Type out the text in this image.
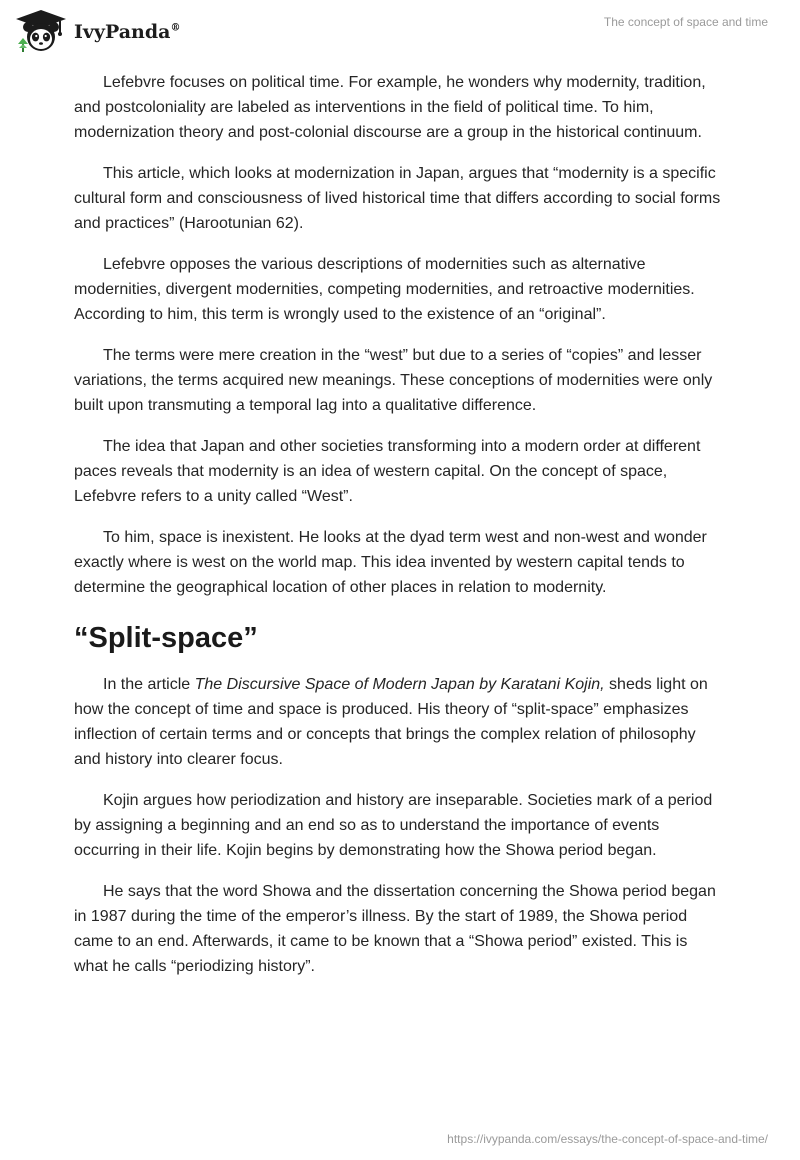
IvyPanda®	The concept of space and time

Lefebvre focuses on political time. For example, he wonders why modernity, tradition, and postcoloniality are labeled as interventions in the field of political time. To him, modernization theory and post-colonial discourse are a group in the historical continuum.

This article, which looks at modernization in Japan, argues that “modernity is a specific cultural form and consciousness of lived historical time that differs according to social forms and practices” (Harootunian 62).

Lefebvre opposes the various descriptions of modernities such as alternative modernities, divergent modernities, competing modernities, and retroactive modernities. According to him, this term is wrongly used to the existence of an “original”.

The terms were mere creation in the “west” but due to a series of “copies” and lesser variations, the terms acquired new meanings. These conceptions of modernities were only built upon transmuting a temporal lag into a qualitative difference.

The idea that Japan and other societies transforming into a modern order at different paces reveals that modernity is an idea of western capital. On the concept of space, Lefebvre refers to a unity called “West”.

To him, space is inexistent. He looks at the dyad term west and non-west and wonder exactly where is west on the world map. This idea invented by western capital tends to determine the geographical location of other places in relation to modernity.

“Split-space”

In the article The Discursive Space of Modern Japan by Karatani Kojin, sheds light on how the concept of time and space is produced. His theory of “split-space” emphasizes inflection of certain terms and or concepts that brings the complex relation of philosophy and history into clearer focus.

Kojin argues how periodization and history are inseparable. Societies mark of a period by assigning a beginning and an end so as to understand the importance of events occurring in their life. Kojin begins by demonstrating how the Showa period began.

He says that the word Showa and the dissertation concerning the Showa period began in 1987 during the time of the emperor’s illness. By the start of 1989, the Showa period came to an end. Afterwards, it came to be known that a “Showa period” existed. This is what he calls “periodizing history”.

https://ivypanda.com/essays/the-concept-of-space-and-time/
